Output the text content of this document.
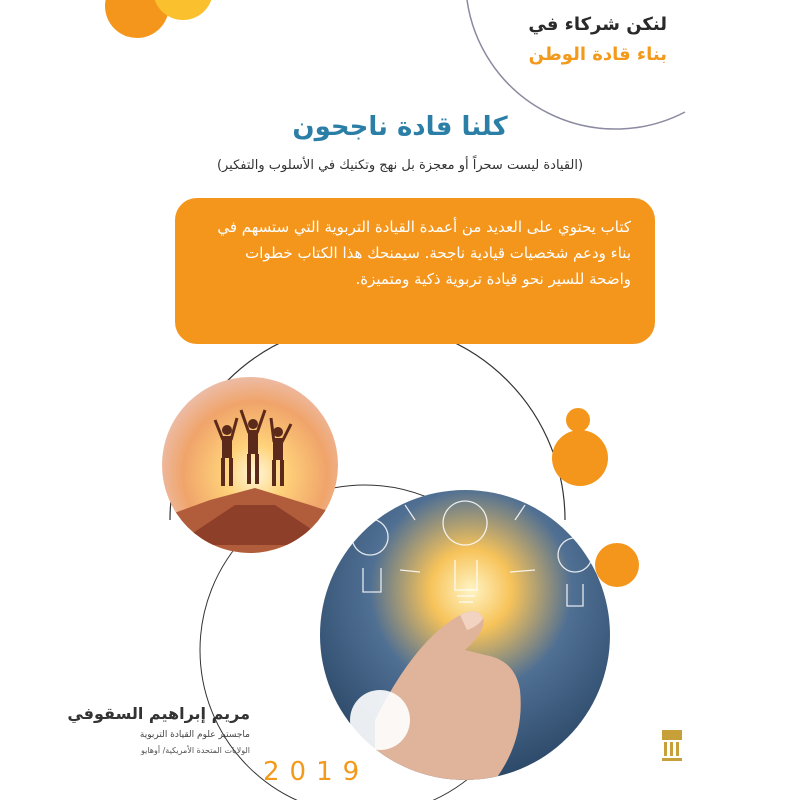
لنكن شركاء في
بناء قادة الوطن
كلنا قادة ناجحون
(القيادة ليست سحراً أو معجزة بل نهج وتكنيك في الأسلوب والتفكير)
كتاب يحتوي على العديد من أعمدة القيادة التربوية التي ستسهم في بناء ودعم شخصيات قيادية ناجحة. سيمنحك هذا الكتاب خطوات واضحة للسير نحو قيادة تربوية ذكية ومتميزة.
مريم إبراهيم السقوفي
ماجستير علوم القيادة التربوية
الولايات المتحدة الأمريكية/ أوهايو
2019
